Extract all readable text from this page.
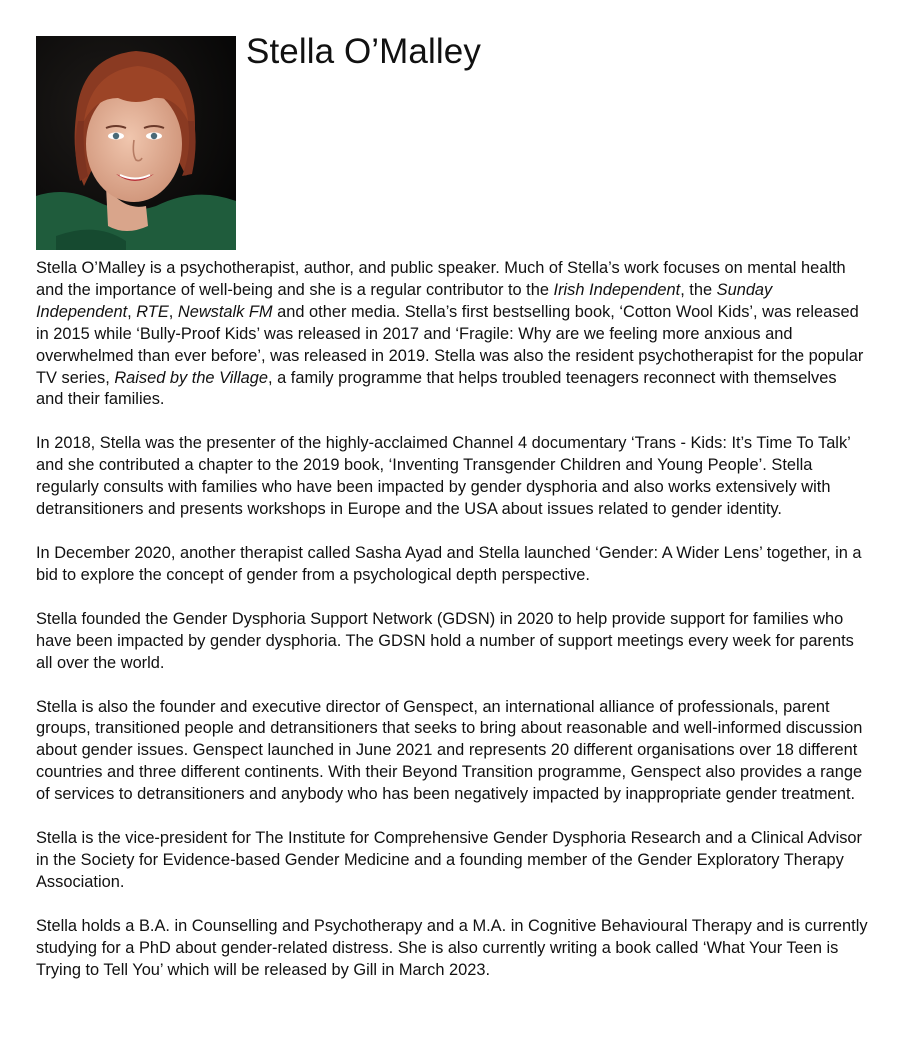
Stella O’Malley

Stella O’Malley is a psychotherapist, author, and public speaker. Much of Stella’s work focuses on mental health and the importance of well-being and she is a regular contributor to the Irish Independent, the Sunday Independent, RTE, Newstalk FM and other media. Stella’s first bestselling book, ‘Cotton Wool Kids’, was released in 2015 while ‘Bully-Proof Kids’ was released in 2017 and ‘Fragile: Why are we feeling more anxious and overwhelmed than ever before’, was released in 2019. Stella was also the resident psychotherapist for the popular TV series, Raised by the Village, a family programme that helps troubled teenagers reconnect with themselves and their families.

In 2018, Stella was the presenter of the highly-acclaimed Channel 4 documentary ‘Trans - Kids: It’s Time To Talk’ and she contributed a chapter to the 2019 book, ‘Inventing Transgender Children and Young People’. Stella regularly consults with families who have been impacted by gender dysphoria and also works extensively with detransitioners and presents workshops in Europe and the USA about issues related to gender identity.

In December 2020, another therapist called Sasha Ayad and Stella launched ‘Gender: A Wider Lens’ together, in a bid to explore the concept of gender from a psychological depth perspective.

Stella founded the Gender Dysphoria Support Network (GDSN) in 2020 to help provide support for families who have been impacted by gender dysphoria. The GDSN hold a number of support meetings every week for parents all over the world.

Stella is also the founder and executive director of Genspect, an international alliance of professionals, parent groups, transitioned people and detransitioners that seeks to bring about reasonable and well-informed discussion about gender issues. Genspect launched in June 2021 and represents 20 different organisations over 18 different countries and three different continents. With their Beyond Transition programme, Genspect also provides a range of services to detransitioners and anybody who has been negatively impacted by inappropriate gender treatment.

Stella is the vice-president for The Institute for Comprehensive Gender Dysphoria Research and a Clinical Advisor in the Society for Evidence-based Gender Medicine and a founding member of the Gender Exploratory Therapy Association.

Stella holds a B.A. in Counselling and Psychotherapy and a M.A. in Cognitive Behavioural Therapy and is currently studying for a PhD about gender-related distress. She is also currently writing a book called ‘What Your Teen is Trying to Tell You’ which will be released by Gill in March 2023.
